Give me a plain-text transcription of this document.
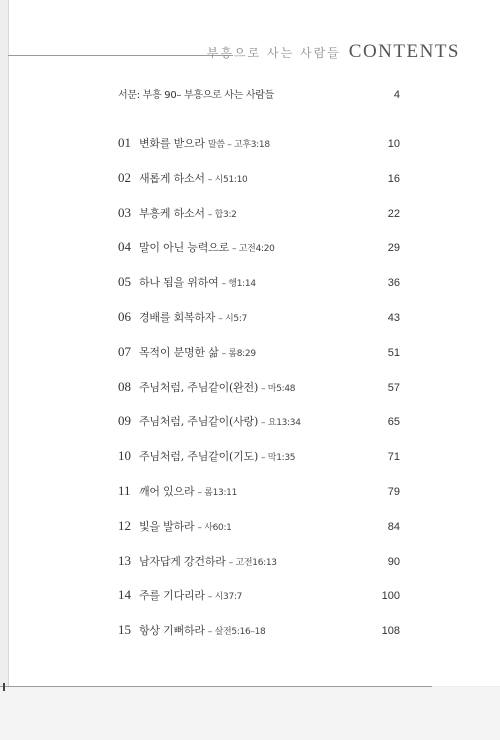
부흥으로 사는 사람들 CONTENTS
서문: 부흥 90– 부흥으로 사는 사람들	4
01 변화를 받으라 말씀 – 고후3:18	10
02 새롭게 하소서 – 시51:10	16
03 부흥케 하소서 – 합3:2	22
04 말이 아닌 능력으로 – 고전4:20	29
05 하나 됨을 위하여 – 행1:14	36
06 경배를 회복하자 – 시5:7	43
07 목적이 분명한 삶 – 롬8:29	51
08 주님처럼, 주님같이(완전) – 마5:48	57
09 주님처럼, 주님같이(사랑) – 요13:34	65
10 주님처럼, 주님같이(기도) – 막1:35	71
11 깨어 있으라 – 롬13:11	79
12 빛을 발하라 – 사60:1	84
13 남자답게 강건하라 – 고전16:13	90
14 주를 기다리라 – 시37:7	100
15 항상 기뻐하라 – 살전5:16–18	108
